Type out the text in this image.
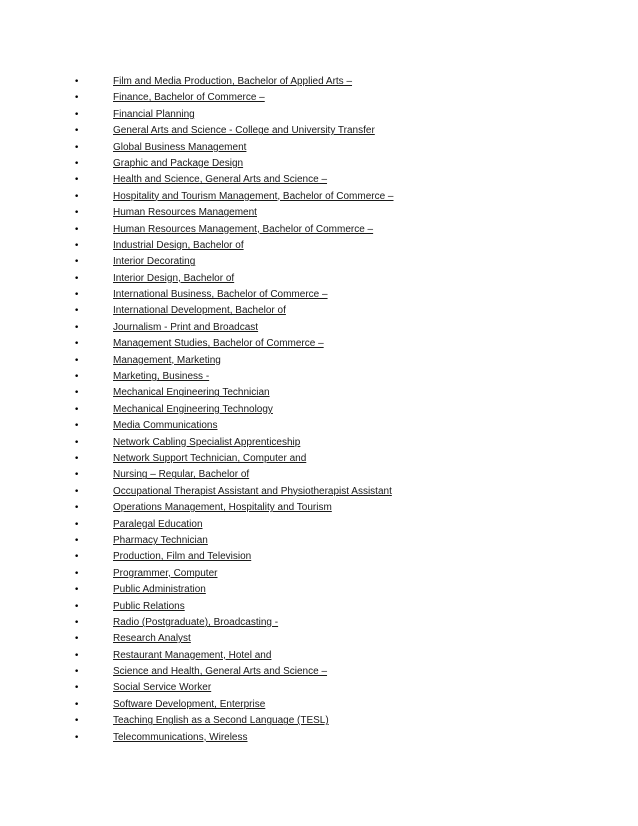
•	Film and Media Production, Bachelor of Applied Arts –
•	Finance, Bachelor of Commerce –
•	Financial Planning
•	General Arts and Science - College and University Transfer
•	Global Business Management
•	Graphic and Package Design
•	Health and Science, General Arts and Science –
•	Hospitality and Tourism Management, Bachelor of Commerce –
•	Human Resources Management
•	Human Resources Management, Bachelor of Commerce –
•	Industrial Design, Bachelor of
•	Interior Decorating
•	Interior Design, Bachelor of
•	International Business, Bachelor of Commerce –
•	International Development, Bachelor of
•	Journalism - Print and Broadcast
•	Management Studies, Bachelor of Commerce –
•	Management, Marketing
•	Marketing, Business -
•	Mechanical Engineering Technician
•	Mechanical Engineering Technology
•	Media Communications
•	Network Cabling Specialist Apprenticeship
•	Network Support Technician, Computer and
•	Nursing – Regular, Bachelor of
•	Occupational Therapist Assistant and Physiotherapist Assistant
•	Operations Management, Hospitality and Tourism
•	Paralegal Education
•	Pharmacy Technician
•	Production, Film and Television
•	Programmer, Computer
•	Public Administration
•	Public Relations
•	Radio (Postgraduate), Broadcasting -
•	Research Analyst
•	Restaurant Management, Hotel and
•	Science and Health, General Arts and Science –
•	Social Service Worker
•	Software Development, Enterprise
•	Teaching English as a Second Language (TESL)
•	Telecommunications, Wireless
